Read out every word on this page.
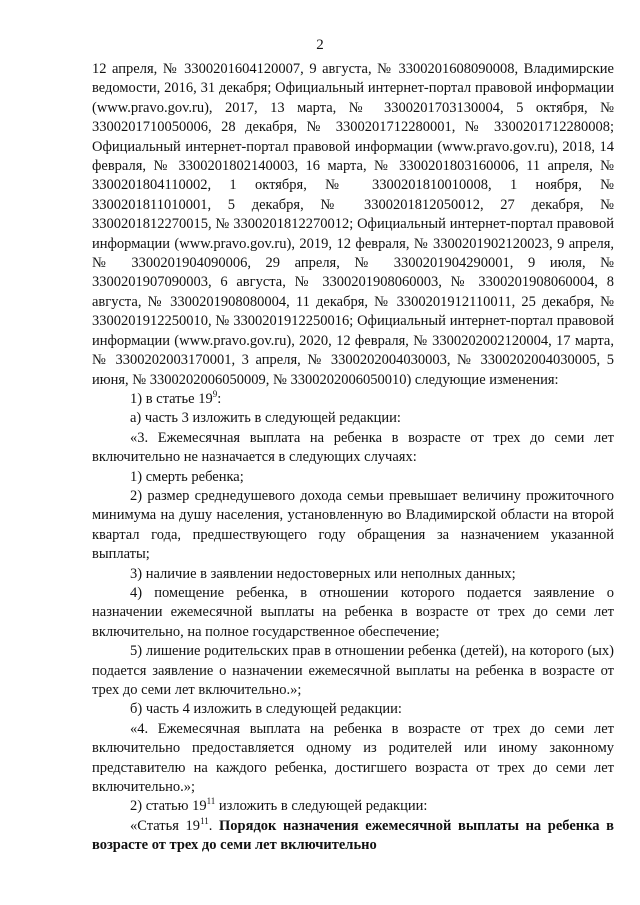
2

12 апреля, № 3300201604120007, 9 августа, № 3300201608090008, Владимирские ведомости, 2016, 31 декабря; Официальный интернет-портал правовой информации (www.pravo.gov.ru), 2017, 13 марта, № 3300201703130004, 5 октября, № 3300201710050006, 28 декабря, № 3300201712280001, № 3300201712280008; Официальный интернет-портал правовой информации (www.pravo.gov.ru), 2018, 14 февраля, № 3300201802140003, 16 марта, № 3300201803160006, 11 апреля, № 3300201804110002, 1 октября, № 3300201810010008, 1 ноября, № 3300201811010001, 5 декабря, № 3300201812050012, 27 декабря, № 3300201812270015, № 3300201812270012; Официальный интернет-портал правовой информации (www.pravo.gov.ru), 2019, 12 февраля, № 3300201902120023, 9 апреля, № 3300201904090006, 29 апреля, № 3300201904290001, 9 июля, № 3300201907090003, 6 августа, № 3300201908060003, № 3300201908060004, 8 августа, № 3300201908080004, 11 декабря, № 3300201912110011, 25 декабря, № 3300201912250010, № 3300201912250016; Официальный интернет-портал правовой информации (www.pravo.gov.ru), 2020, 12 февраля, № 3300202002120004, 17 марта, № 3300202003170001, 3 апреля, № 3300202004030003, № 3300202004030005, 5 июня, № 3300202006050009, № 3300202006050010) следующие изменения:

1) в статье $19^9$:

а) часть 3 изложить в следующей редакции:

«3. Ежемесячная выплата на ребенка в возрасте от трех до семи лет включительно не назначается в следующих случаях:

1) смерть ребенка;

2) размер среднедушевого дохода семьи превышает величину прожиточного минимума на душу населения, установленную во Владимирской области на второй квартал года, предшествующего году обращения за назначением указанной выплаты;

3) наличие в заявлении недостоверных или неполных данных;

4) помещение ребенка, в отношении которого подается заявление о назначении ежемесячной выплаты на ребенка в возрасте от трех до семи лет включительно, на полное государственное обеспечение;

5) лишение родительских прав в отношении ребенка (детей), на которого (ых) подается заявление о назначении ежемесячной выплаты на ребенка в возрасте от трех до семи лет включительно.»;

б) часть 4 изложить в следующей редакции:

«4. Ежемесячная выплата на ребенка в возрасте от трех до семи лет включительно предоставляется одному из родителей или иному законному представителю на каждого ребенка, достигшего возраста от трех до семи лет включительно.»;

2) статью $19^{11}$ изложить в следующей редакции:

«Статья $19^{11}$. Порядок назначения ежемесячной выплаты на ребенка в возрасте от трех до семи лет включительно
